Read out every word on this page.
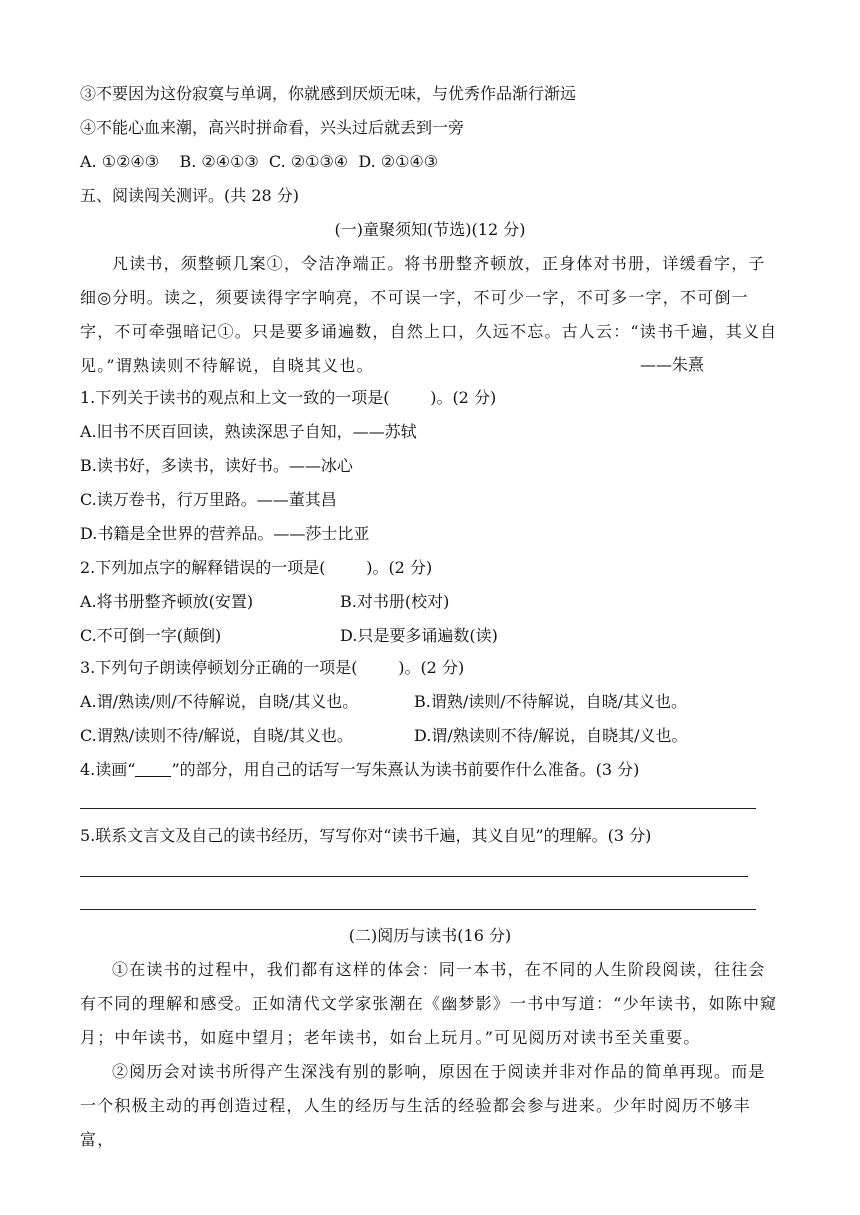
③不要因为这份寂寞与单调，你就感到厌烦无味，与优秀作品渐行渐远
④不能心血来潮，高兴时拼命看，兴头过后就丢到一旁
A. ①②④③    B. ②④①③  C. ②①③④  D. ②①④③
五、阅读闯关测评。(共 28 分)
(一)童聚须知(节选)(12 分)
凡读书，须整顿几案①，令洁净端正。将书册整齐顿放，正身体对书册，详缓看字，子细◎分明。读之，须要读得字字响亮，不可误一字，不可少一字，不可多一字，不可倒一字，不可牵强暗记①。只是要多诵遍数，自然上口，久远不忘。古人云：“读书千遍，其义自见。”谓熟读则不待解说，自晓其义也。	——朱熹
1.下列关于读书的观点和上文一致的一项是(        )。(2 分)
A.旧书不厌百回读，熟读深思子自知，——苏轼
B.读书好，多读书，读好书。——冰心
C.读万卷书，行万里路。——董其昌
D.书籍是全世界的营养品。——莎士比亚
2.下列加点字的解释错误的一项是(        )。(2 分)
A.将书册整齐顿放(安置)	B.对书册(校对)
C.不可倒一字(颠倒)	D.只是要多诵遍数(读)
3.下列句子朗读停顿划分正确的一项是(        )。(2 分)
A.谓/熟读/则/不待解说，自晓/其义也。	B.谓熟/读则/不待解说，自晓/其义也。
C.谓熟/读则不待/解说，自晓/其义也。	D.谓/熟读则不待/解说，自晓其/义也。
4.读画“ ”的部分，用自己的话写一写朱熹认为读书前要作什么准备。(3 分)
5.联系文言文及自己的读书经历，写写你对“读书千遍，其义自见”的理解。(3 分)
(二)阅历与读书(16 分)
①在读书的过程中，我们都有这样的体会：同一本书，在不同的人生阶段阅读，往往会有不同的理解和感受。正如清代文学家张潮在《幽梦影》一书中写道：“少年读书，如陈中窥月；中年读书，如庭中望月；老年读书，如台上玩月。”可见阅历对读书至关重要。
②阅历会对读书所得产生深浅有别的影响，原因在于阅读并非对作品的简单再现。而是一个积极主动的再创造过程，人生的经历与生活的经验都会参与进来。少年时阅历不够丰富，
